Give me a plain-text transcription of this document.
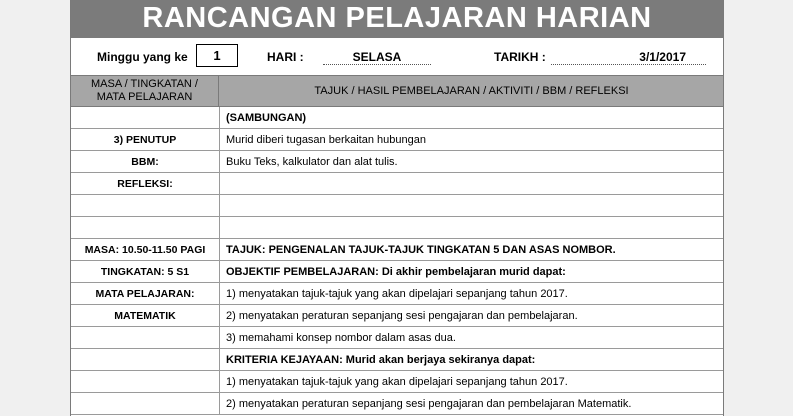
RANCANGAN PELAJARAN HARIAN
Minggu yang ke	1	HARI :	SELASA	TARIKH :	3/1/2017
MASA / TINGKATAN /
MATA PELAJARAN	TAJUK / HASIL PEMBELAJARAN / AKTIVITI / BBM / REFLEKSI
	(SAMBUNGAN)
3) PENUTUP	Murid diberi tugasan berkaitan hubungan
BBM:	Buku Teks, kalkulator dan alat tulis.
REFLEKSI:	

MASA: 10.50-11.50 PAGI	TAJUK: PENGENALAN TAJUK-TAJUK TINGKATAN 5 DAN ASAS NOMBOR.
TINGKATAN: 5 S1	OBJEKTIF PEMBELAJARAN: Di akhir pembelajaran murid dapat:
MATA PELAJARAN:	1) menyatakan tajuk-tajuk yang akan dipelajari sepanjang tahun 2017.
MATEMATIK	2) menyatakan peraturan sepanjang sesi pengajaran dan pembelajaran.
	3) memahami konsep nombor dalam asas dua.
	KRITERIA KEJAYAAN: Murid akan berjaya sekiranya dapat:
	1) menyatakan tajuk-tajuk yang akan dipelajari sepanjang tahun 2017.
	2) menyatakan peraturan sepanjang sesi pengajaran dan pembelajaran Matematik.
